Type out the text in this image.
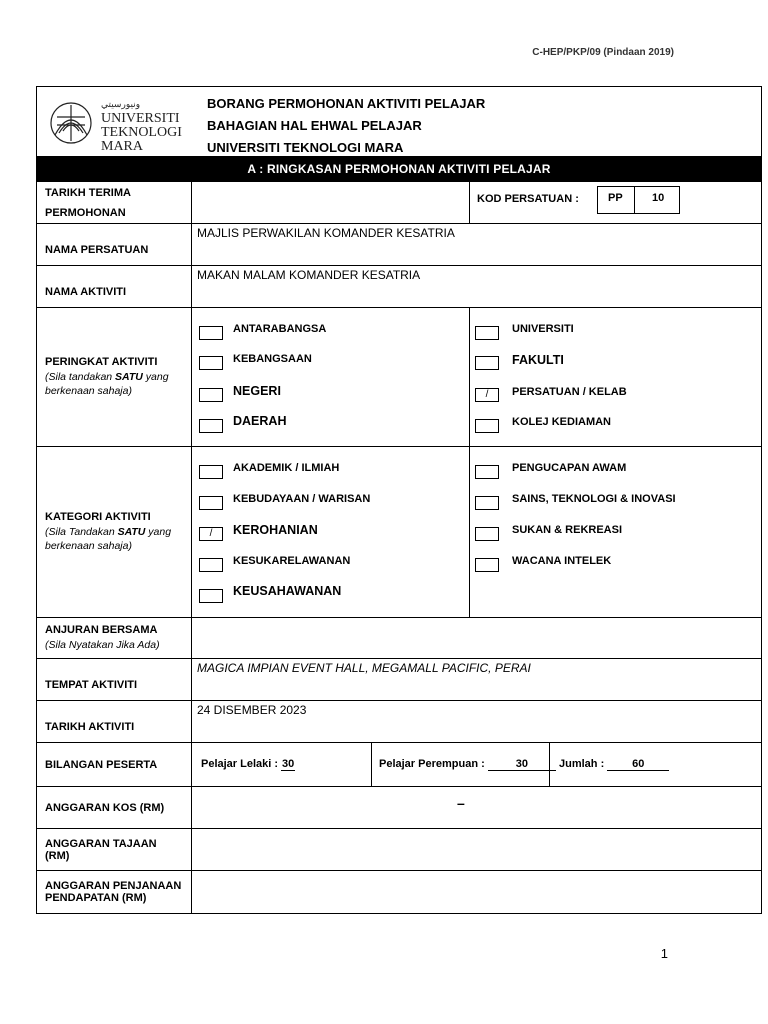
C-HEP/PKP/09 (Pindaan 2019)
ونيورسيتي
UNIVERSITI
TEKNOLOGI
MARA
BORANG PERMOHONAN AKTIVITI PELAJAR
BAHAGIAN HAL EHWAL PELAJAR
UNIVERSITI TEKNOLOGI MARA
A : RINGKASAN PERMOHONAN AKTIVITI PELAJAR
TARIKH TERIMA
PERMOHONAN
KOD PERSATUAN :	PP	10
NAMA PERSATUAN
MAJLIS PERWAKILAN KOMANDER KESATRIA
NAMA AKTIVITI
MAKAN MALAM KOMANDER KESATRIA
PERINGKAT AKTIVITI
(Sila tandakan SATU yang berkenaan sahaja)
ANTARABANGSA
KEBANGSAAN
NEGERI
DAERAH
UNIVERSITI
FAKULTI
/	PERSATUAN / KELAB
KOLEJ KEDIAMAN
KATEGORI AKTIVITI
(Sila Tandakan SATU yang berkenaan sahaja)
AKADEMIK / ILMIAH
KEBUDAYAAN / WARISAN
/	KEROHANIAN
KESUKARELAWANAN
KEUSAHAWANAN
PENGUCAPAN AWAM
SAINS, TEKNOLOGI & INOVASI
SUKAN & REKREASI
WACANA INTELEK
ANJURAN BERSAMA
(Sila Nyatakan Jika Ada)
TEMPAT AKTIVITI
MAGICA IMPIAN EVENT HALL, MEGAMALL PACIFIC, PERAI
TARIKH AKTIVITI
24 DISEMBER 2023
BILANGAN PESERTA	Pelajar Lelaki : 30	Pelajar Perempuan :	30	Jumlah :	60
ANGGARAN KOS (RM)	–
ANGGARAN TAJAAN (RM)
ANGGARAN PENJANAAN
PENDAPATAN (RM)
1
